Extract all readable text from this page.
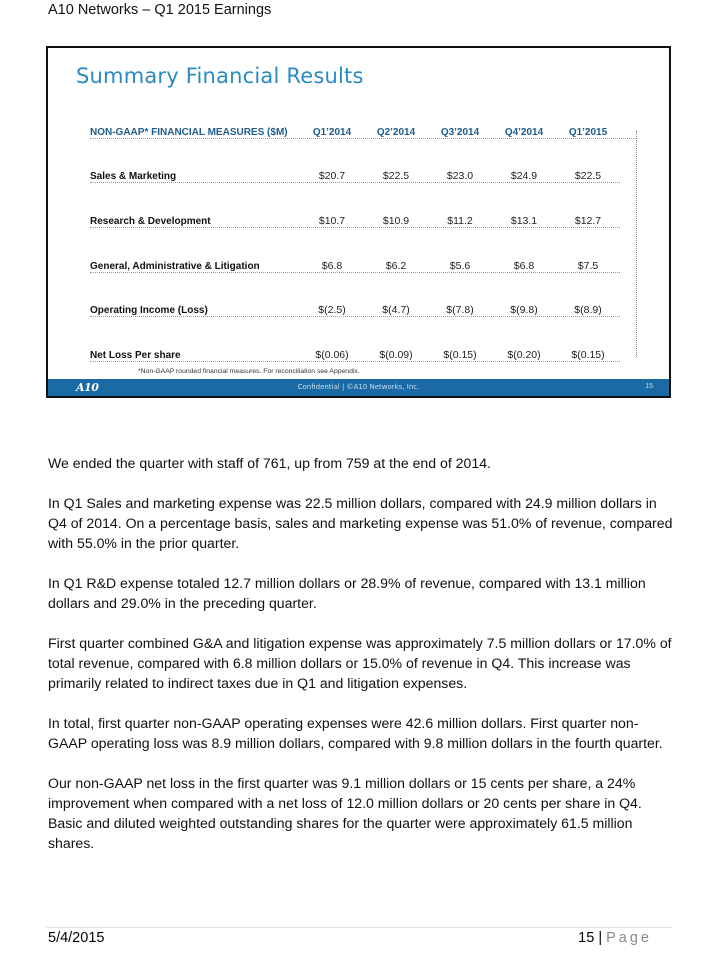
A10 Networks – Q1 2015 Earnings
Summary Financial Results
NON-GAAP* FINANCIAL MEASURES ($M)	Q1’2014	Q2’2014	Q3’2014	Q4’2014	Q1’2015
Sales & Marketing	$20.7	$22.5	$23.0	$24.9	$22.5
Research & Development	$10.7	$10.9	$11.2	$13.1	$12.7
General, Administrative & Litigation	$6.8	$6.2	$5.6	$6.8	$7.5
Operating Income (Loss)	$(2.5)	$(4.7)	$(7.8)	$(9.8)	$(8.9)
Net Loss Per share	$(0.06)	$(0.09)	$(0.15)	$(0.20)	$(0.15)
*Non-GAAP rounded financial measures. For reconciliation see Appendix.
A10	Confidential | ©A10 Networks, Inc.	15

We ended the quarter with staff of 761, up from 759 at the end of 2014.

In Q1 Sales and marketing expense was 22.5 million dollars, compared with 24.9 million dollars in Q4 of 2014. On a percentage basis, sales and marketing expense was 51.0% of revenue, compared with 55.0% in the prior quarter.

In Q1 R&D expense totaled 12.7 million dollars or 28.9% of revenue, compared with 13.1 million dollars and 29.0% in the preceding quarter.

First quarter combined G&A and litigation expense was approximately 7.5 million dollars or 17.0% of total revenue, compared with 6.8 million dollars or 15.0% of revenue in Q4. This increase was primarily related to indirect taxes due in Q1 and litigation expenses.

In total, first quarter non-GAAP operating expenses were 42.6 million dollars. First quarter non-GAAP operating loss was 8.9 million dollars, compared with 9.8 million dollars in the fourth quarter.

Our non-GAAP net loss in the first quarter was 9.1 million dollars or 15 cents per share, a 24% improvement when compared with a net loss of 12.0 million dollars or 20 cents per share in Q4. Basic and diluted weighted outstanding shares for the quarter were approximately 61.5 million shares.

5/4/2015	15 | Page
